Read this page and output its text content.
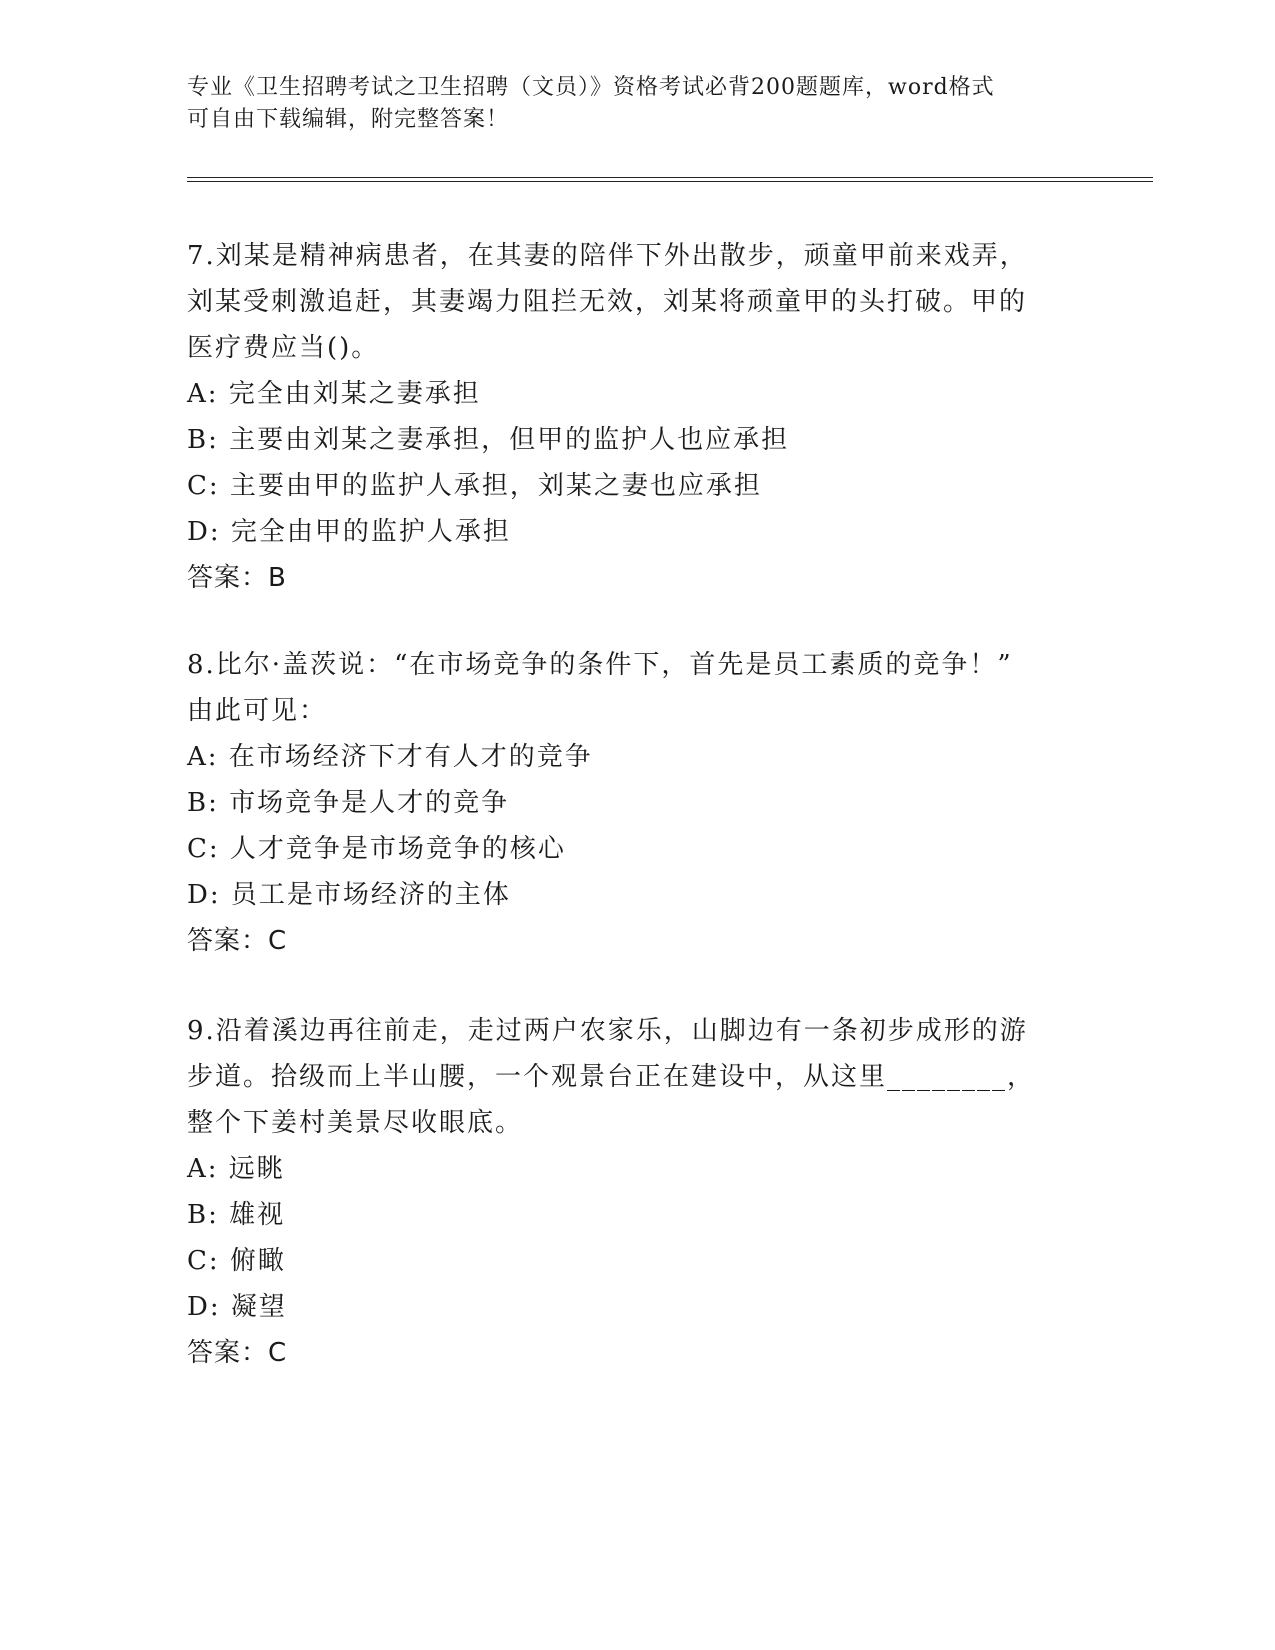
专业《卫生招聘考试之卫生招聘（文员）》资格考试必背200题题库，word格式
可自由下载编辑，附完整答案！

7.刘某是精神病患者，在其妻的陪伴下外出散步，顽童甲前来戏弄，

刘某受刺激追赶，其妻竭力阻拦无效，刘某将顽童甲的头打破。甲的

医疗费应当()。

A: 完全由刘某之妻承担

B: 主要由刘某之妻承担，但甲的监护人也应承担

C: 主要由甲的监护人承担，刘某之妻也应承担

D: 完全由甲的监护人承担

答案：B

8.比尔·盖茨说：“在市场竞争的条件下，首先是员工素质的竞争！”

由此可见：

A: 在市场经济下才有人才的竞争

B: 市场竞争是人才的竞争

C: 人才竞争是市场竞争的核心

D: 员工是市场经济的主体

答案：C

9.沿着溪边再往前走，走过两户农家乐，山脚边有一条初步成形的游

步道。拾级而上半山腰，一个观景台正在建设中，从这里________，

整个下姜村美景尽收眼底。

A: 远眺

B: 雄视

C: 俯瞰

D: 凝望

答案：C
